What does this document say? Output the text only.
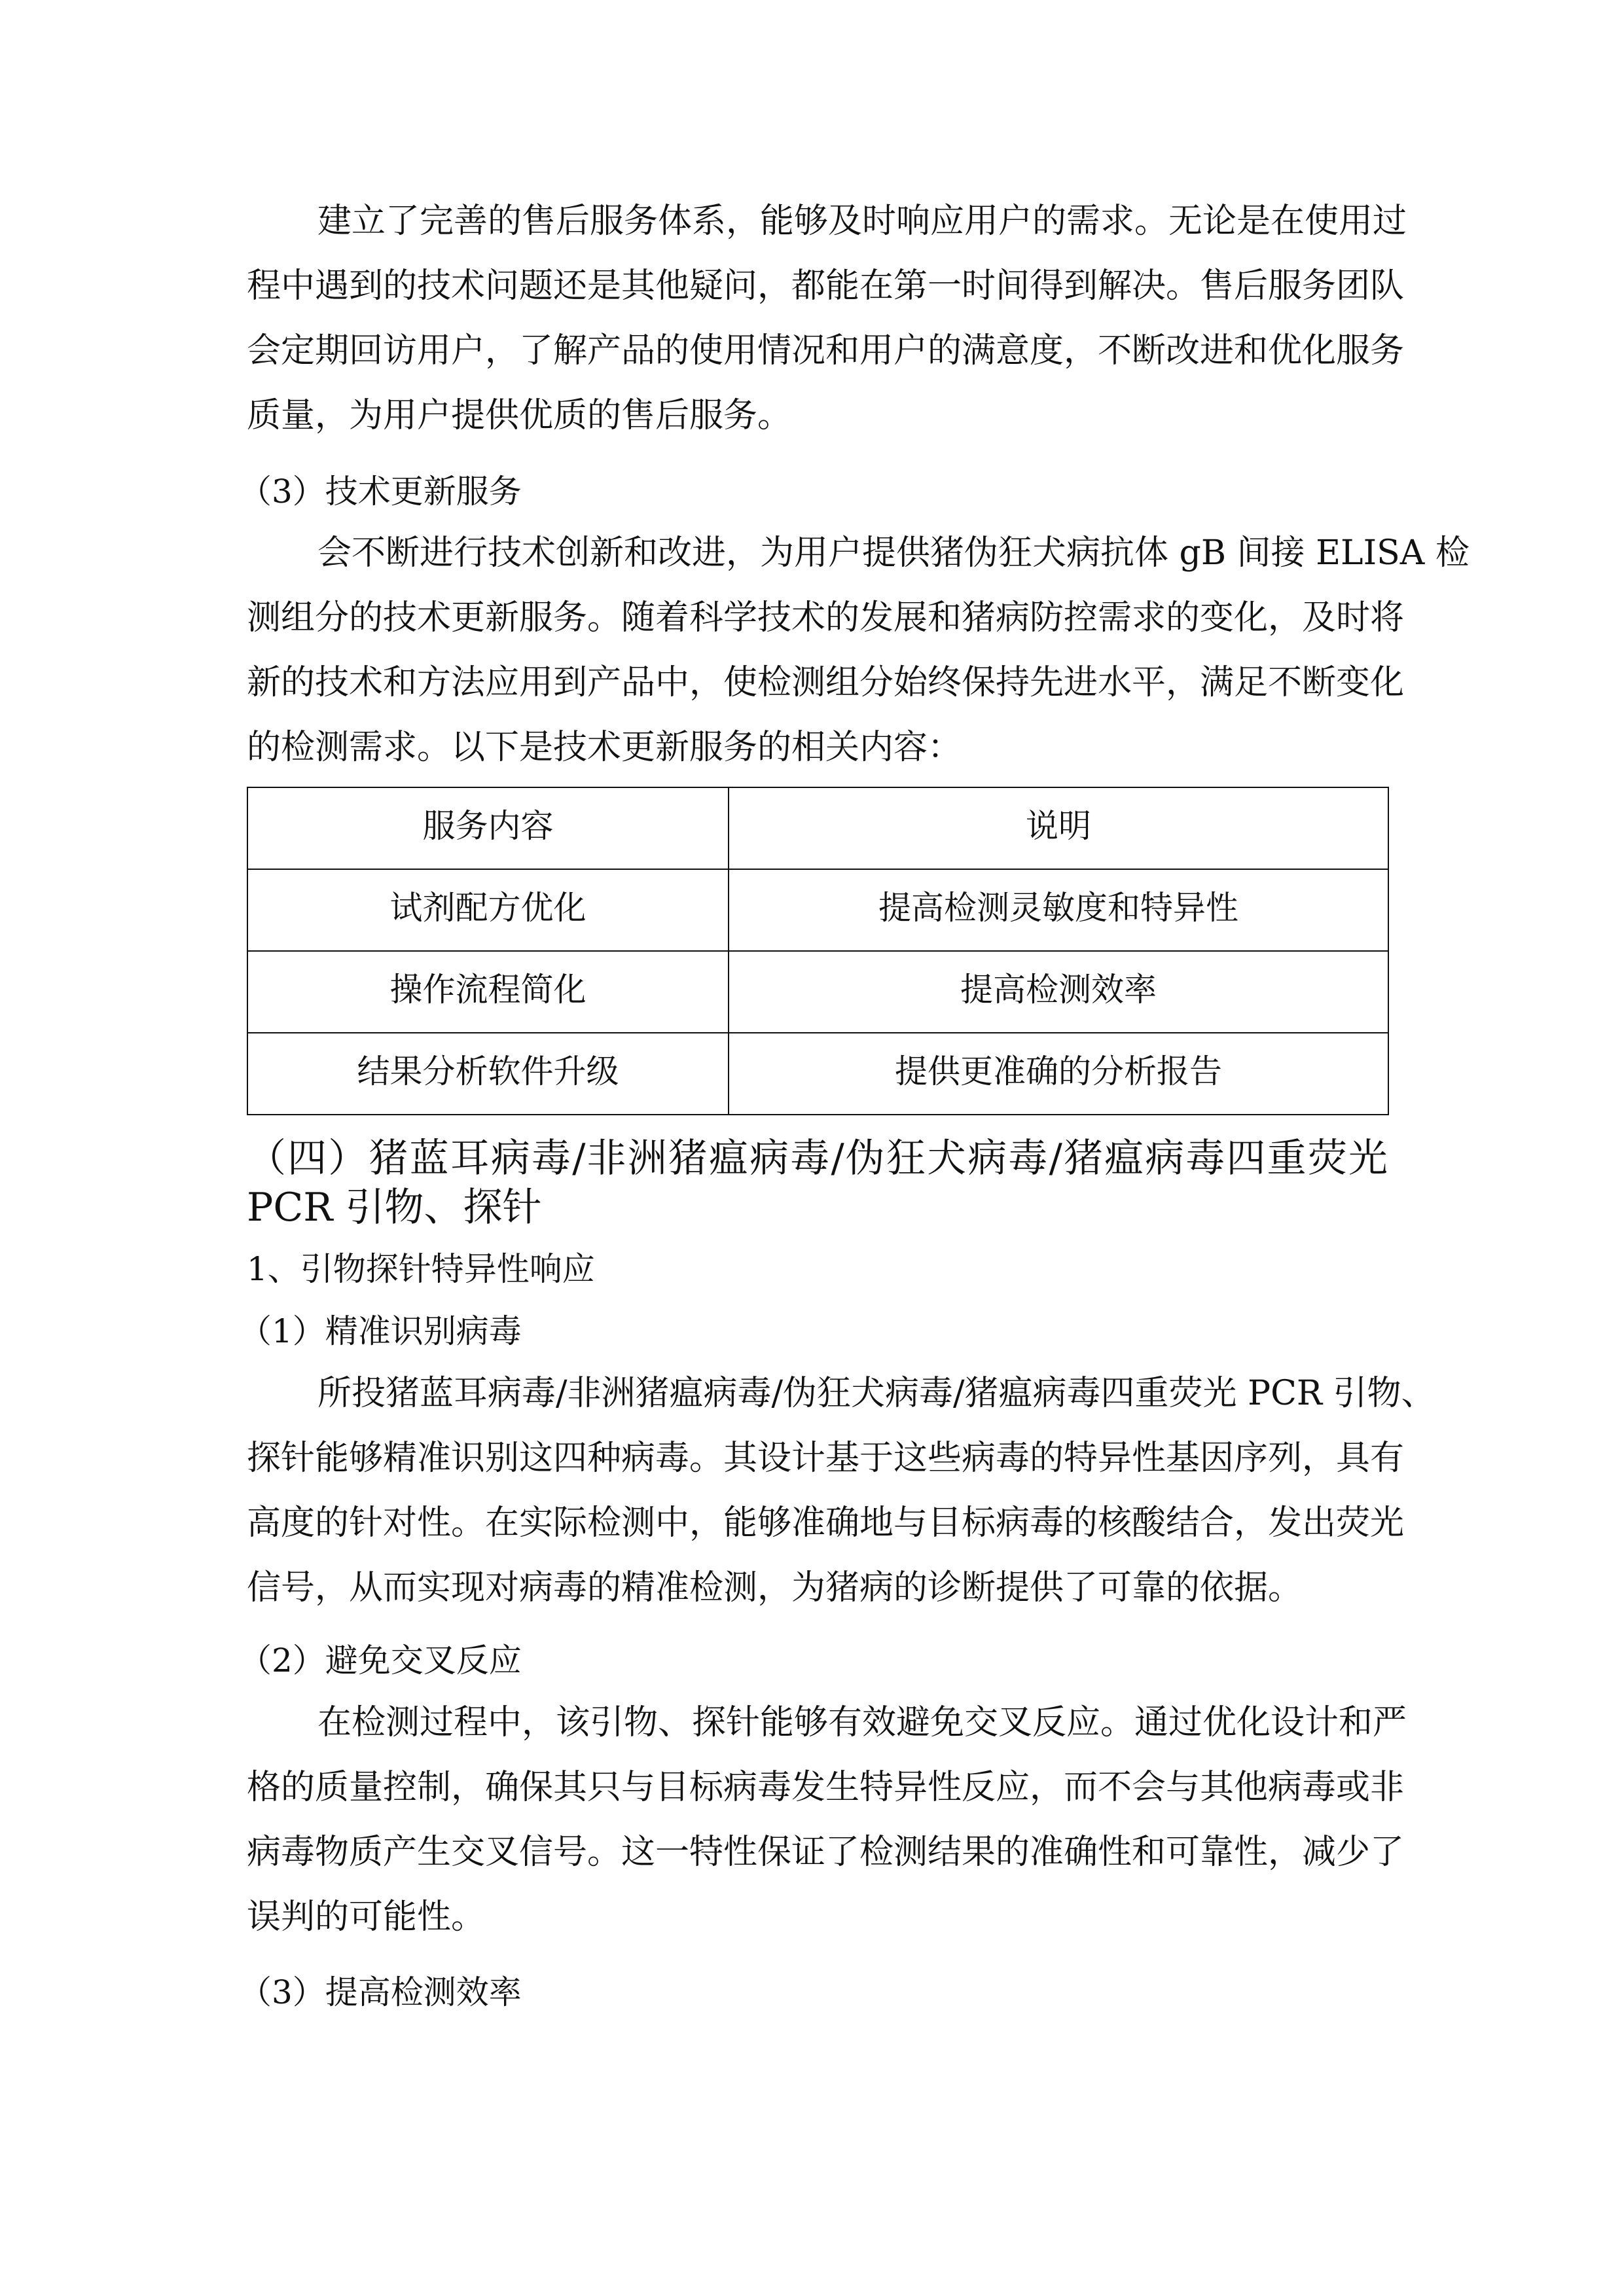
建立了完善的售后服务体系，能够及时响应用户的需求。无论是在使用过
程中遇到的技术问题还是其他疑问，都能在第一时间得到解决。售后服务团队
会定期回访用户，了解产品的使用情况和用户的满意度，不断改进和优化服务
质量，为用户提供优质的售后服务。
（3）技术更新服务
会不断进行技术创新和改进，为用户提供猪伪狂犬病抗体 gB 间接 ELISA 检
测组分的技术更新服务。随着科学技术的发展和猪病防控需求的变化，及时将
新的技术和方法应用到产品中，使检测组分始终保持先进水平，满足不断变化
的检测需求。以下是技术更新服务的相关内容：
服务内容	说明
试剂配方优化	提高检测灵敏度和特异性
操作流程简化	提高检测效率
结果分析软件升级	提供更准确的分析报告
（四）猪蓝耳病毒/非洲猪瘟病毒/伪狂犬病毒/猪瘟病毒四重荧光
PCR 引物、探针
1、引物探针特异性响应
（1）精准识别病毒
所投猪蓝耳病毒/非洲猪瘟病毒/伪狂犬病毒/猪瘟病毒四重荧光 PCR 引物、
探针能够精准识别这四种病毒。其设计基于这些病毒的特异性基因序列，具有
高度的针对性。在实际检测中，能够准确地与目标病毒的核酸结合，发出荧光
信号，从而实现对病毒的精准检测，为猪病的诊断提供了可靠的依据。
（2）避免交叉反应
在检测过程中，该引物、探针能够有效避免交叉反应。通过优化设计和严
格的质量控制，确保其只与目标病毒发生特异性反应，而不会与其他病毒或非
病毒物质产生交叉信号。这一特性保证了检测结果的准确性和可靠性，减少了
误判的可能性。
（3）提高检测效率
